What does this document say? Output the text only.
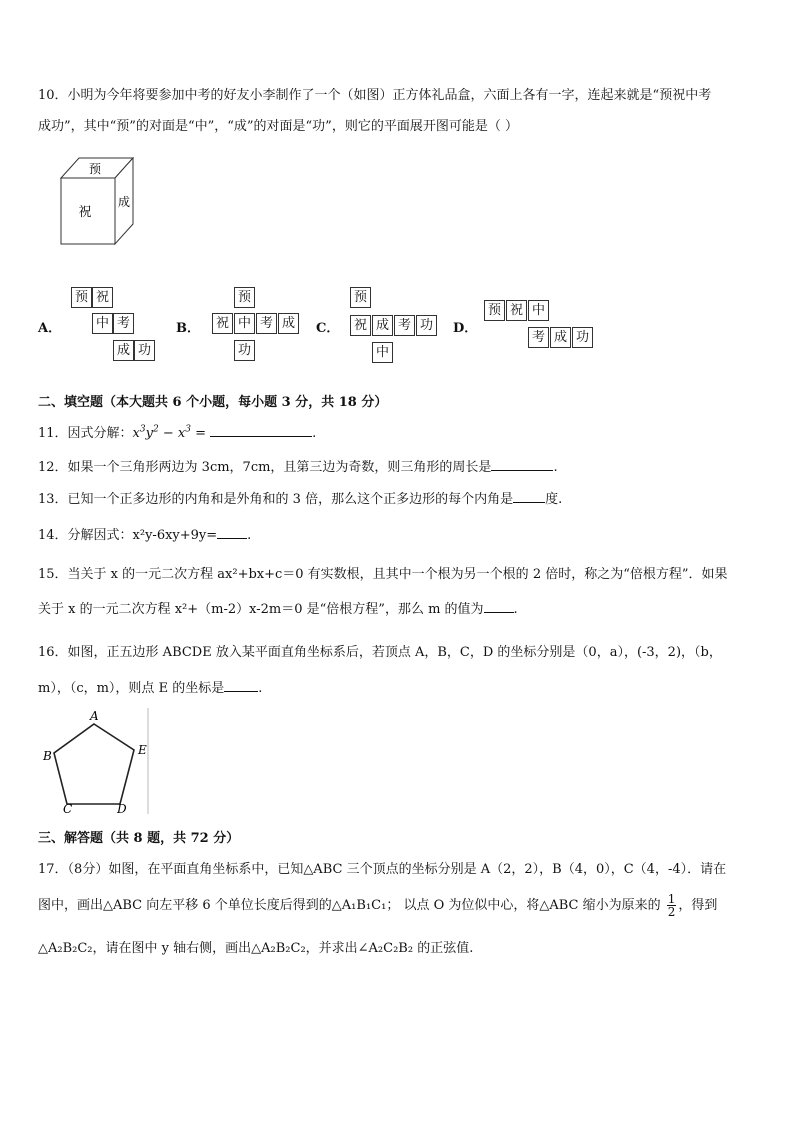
10．小明为今年将要参加中考的好友小李制作了一个（如图）正方体礼品盒，六面上各有一字，连起来就是“预祝中考
成功”，其中“预”的对面是“中”，“成”的对面是“功”，则它的平面展开图可能是（ ）
预
祝
成
A．
预 祝
中 考
成 功
B．
预
祝 中 考 成
功
C．
预
祝 成 考 功
中
D．
预 祝 中
考 成 功
二、填空题（本大题共 6 个小题，每小题 3 分，共 18 分）
11．因式分解：$x^3y^2 - x^3$ =	.
12．如果一个三角形两边为 3cm，7cm，且第三边为奇数，则三角形的周长是	.
13．已知一个正多边形的内角和是外角和的 3 倍，那么这个正多边形的每个内角是 度.
14．分解因式：x²y-6xy+9y= .
15．当关于 x 的一元二次方程 ax²+bx+c＝0 有实数根，且其中一个根为另一个根的 2 倍时，称之为“倍根方程”．如果
关于 x 的一元二次方程 x²+（m-2）x-2m＝0 是“倍根方程”，那么 m 的值为 .
16．如图，正五边形 ABCDE 放入某平面直角坐标系后，若顶点 A，B，C，D 的坐标分别是（0，a），(-3，2)，（b，
m），（c，m），则点 E 的坐标是	.
A
B
C	D
E
三、解答题（共 8 题，共 72 分）
17．（8分）如图，在平面直角坐标系中，已知△ABC 三个顶点的坐标分别是 A（2，2），B（4，0），C（4，-4）．请在
图中，画出△ABC 向左平移 6 个单位长度后得到的△A₁B₁C₁； 以点 O 为位似中心，将△ABC 缩小为原来的 $\frac{1}{2}$ ，得到
△A₂B₂C₂，请在图中 y 轴右侧，画出△A₂B₂C₂，并求出∠A₂C₂B₂ 的正弦值.
